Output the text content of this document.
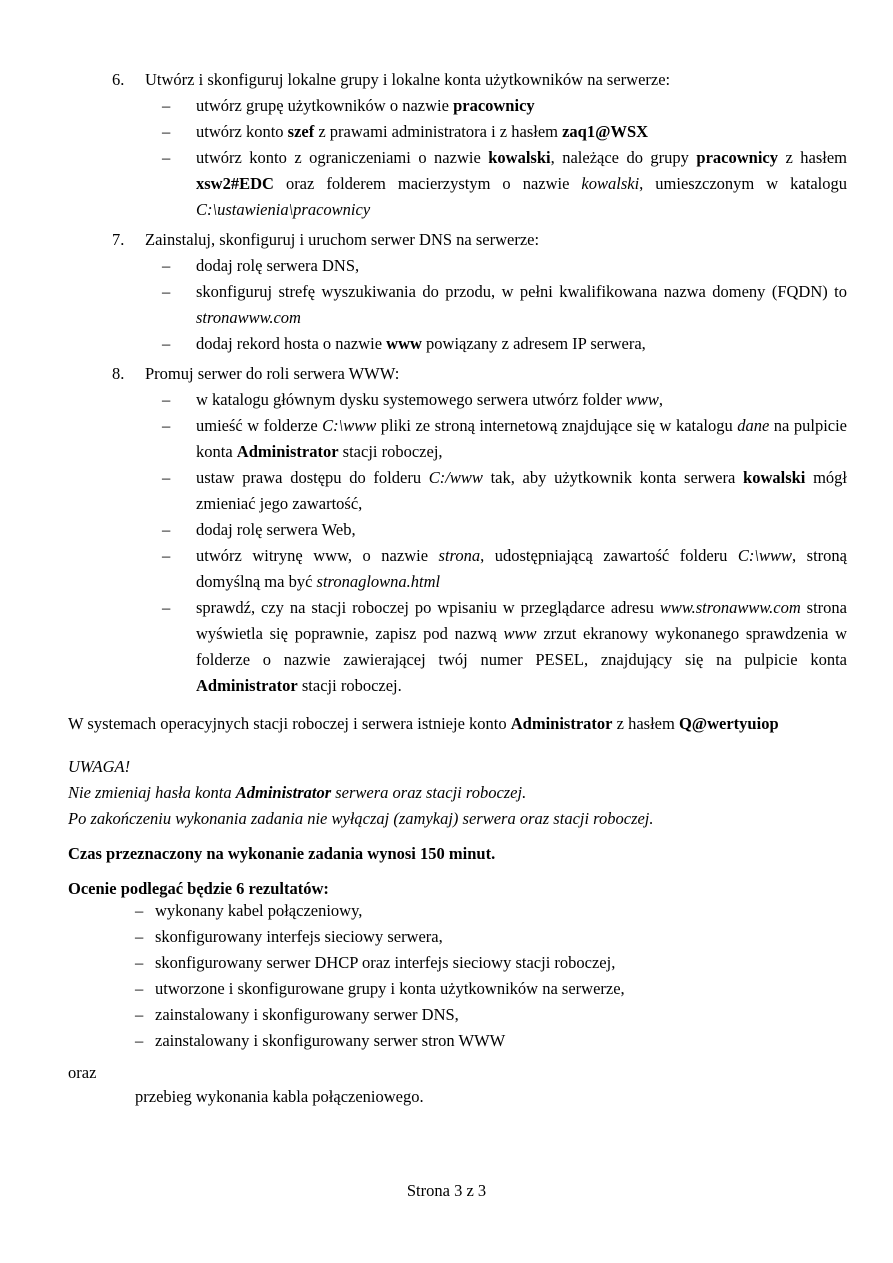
6. Utwórz i skonfiguruj lokalne grupy i lokalne konta użytkowników na serwerze:
– utwórz grupę użytkowników o nazwie pracownicy
– utwórz konto szef z prawami administratora i z hasłem zaq1@WSX
– utwórz konto z ograniczeniami o nazwie kowalski, należące do grupy pracownicy z hasłem xsw2#EDC oraz folderem macierzystym o nazwie kowalski, umieszczonym w katalogu C:\ustawienia\pracownicy
7. Zainstaluj, skonfiguruj i uruchom serwer DNS na serwerze:
– dodaj rolę serwera DNS,
– skonfiguruj strefę wyszukiwania do przodu, w pełni kwalifikowana nazwa domeny (FQDN) to stronawww.com
– dodaj rekord hosta o nazwie www powiązany z adresem IP serwera,
8. Promuj serwer do roli serwera WWW:
– w katalogu głównym dysku systemowego serwera utwórz folder www,
– umieść w folderze C:\www pliki ze stroną internetową znajdujące się w katalogu dane na pulpicie konta Administrator stacji roboczej,
– ustaw prawa dostępu do folderu C:/www tak, aby użytkownik konta serwera kowalski mógł zmieniać jego zawartość,
– dodaj rolę serwera Web,
– utwórz witrynę www, o nazwie strona, udostępniającą zawartość folderu C:\www, stroną domyślną ma być stronaglowna.html
– sprawdź, czy na stacji roboczej po wpisaniu w przeglądarce adresu www.stronawww.com strona wyświetla się poprawnie, zapisz pod nazwą www zrzut ekranowy wykonanego sprawdzenia w folderze o nazwie zawierającej twój numer PESEL, znajdujący się na pulpicie konta Administrator stacji roboczej.
W systemach operacyjnych stacji roboczej i serwera istnieje konto Administrator z hasłem Q@wertyuiop
UWAGA!
Nie zmieniaj hasła konta Administrator serwera oraz stacji roboczej.
Po zakończeniu wykonania zadania nie wyłączaj (zamykaj) serwera oraz stacji roboczej.
Czas przeznaczony na wykonanie zadania wynosi 150 minut.
Ocenie podlegać będzie 6 rezultatów:
– wykonany kabel połączeniowy,
– skonfigurowany interfejs sieciowy serwera,
– skonfigurowany serwer DHCP oraz interfejs sieciowy stacji roboczej,
– utworzone i skonfigurowane grupy i konta użytkowników na serwerze,
– zainstalowany i skonfigurowany serwer DNS,
– zainstalowany i skonfigurowany serwer stron WWW
oraz
przebieg wykonania kabla połączeniowego.
Strona 3 z 3
